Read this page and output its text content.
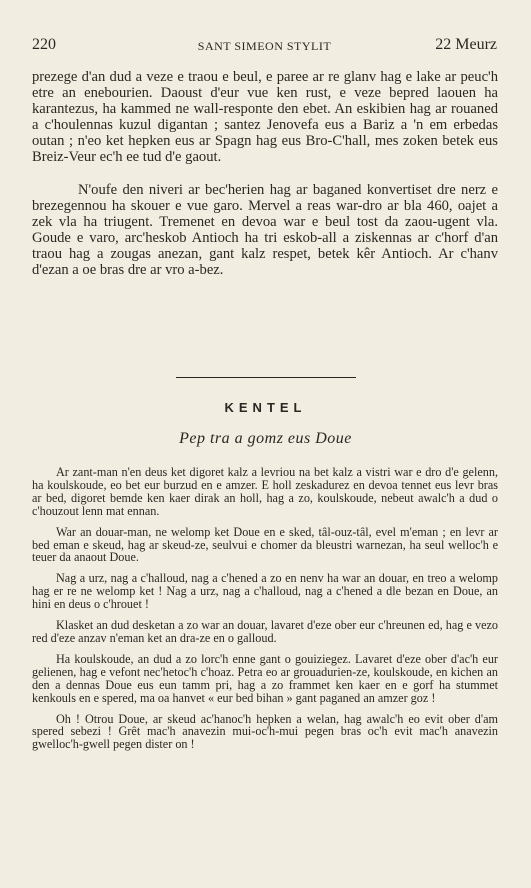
220	SANT SIMEON STYLIT	22 Meurz

prezege d'an dud a veze e traou e beul, e paree ar re glanv hag e lake ar peuc'h etre an enebourien. Daoust d'eur vue ken rust, e veze bepred laouen ha karantezus, ha kammed ne wall-responte den ebet. An eskibien hag ar rouaned a c'houlennas kuzul digantan ; santez Jenovefa eus a Bariz a 'n em erbedas outan ; n'eo ket hepken eus ar Spagn hag eus Bro-C'hall, mes zoken betek eus Breiz-Veur ec'h ee tud d'e gaout.

N'oufe den niveri ar bec'herien hag ar baganed konvertiset dre nerz e brezegennou ha skouer e vue garo. Mervel a reas war-dro ar bla 460, oajet a zek vla ha triugent. Tremenet en devoa war e beul tost da zaou-ugent vla. Goude e varo, arc'heskob Antioch ha tri eskob-all a ziskennas ar c'horf d'an traou hag a zougas anezan, gant kalz respet, betek kêr Antioch. Ar c'hanv d'ezan a oe bras dre ar vro a-bez.

KENTEL
Pep tra a gomz eus Doue

Ar zant-man n'en deus ket digoret kalz a levriou na bet kalz a vistri war e dro d'e gelenn, ha koulskoude, eo bet eur burzud en e amzer. E holl zeskadurez en devoa tennet eus levr bras ar bed, digoret bemde ken kaer dirak an holl, hag a zo, koulskoude, nebeut awalc'h a dud o c'houzout lenn mat ennan.

War an douar-man, ne welomp ket Doue en e sked, tâl-ouz-tâl, evel m'eman ; en levr ar bed eman e skeud, hag ar skeud-ze, seulvui e chomer da bleustri warnezan, ha seul welloc'h e teuer da anaout Doue.

Nag a urz, nag a c'halloud, nag a c'hened a zo en nenv ha war an douar, en treo a welomp hag er re ne welomp ket ! Nag a urz, nag a c'halloud, nag a c'hened a dle bezan en Doue, an hini en deus o c'hrouet !

Klasket an dud desketan a zo war an douar, lavaret d'eze ober eur c'hreunen ed, hag e vezo red d'eze anzav n'eman ket an dra-ze en o galloud.

Ha koulskoude, an dud a zo lorc'h enne gant o gouiziegez. Lavaret d'eze ober d'ac'h eur gelienen, hag e vefont nec'hetoc'h c'hoaz. Petra eo ar grouadurien-ze, koulskoude, en kichen an den a dennas Doue eus eun tamm pri, hag a zo frammet ken kaer en e gorf ha stummet kenkouls en e spered, ma oa hanvet « eur bed bihan » gant paganed an amzer goz !

Oh ! Otrou Doue, ar skeud ac'hanoc'h hepken a welan, hag awalc'h eo evit ober d'am spered sebezi ! Grêt mac'h anavezin mui-oc'h-mui pegen bras oc'h evit mac'h anavezin gwelloc'h-gwell pegen dister on !
